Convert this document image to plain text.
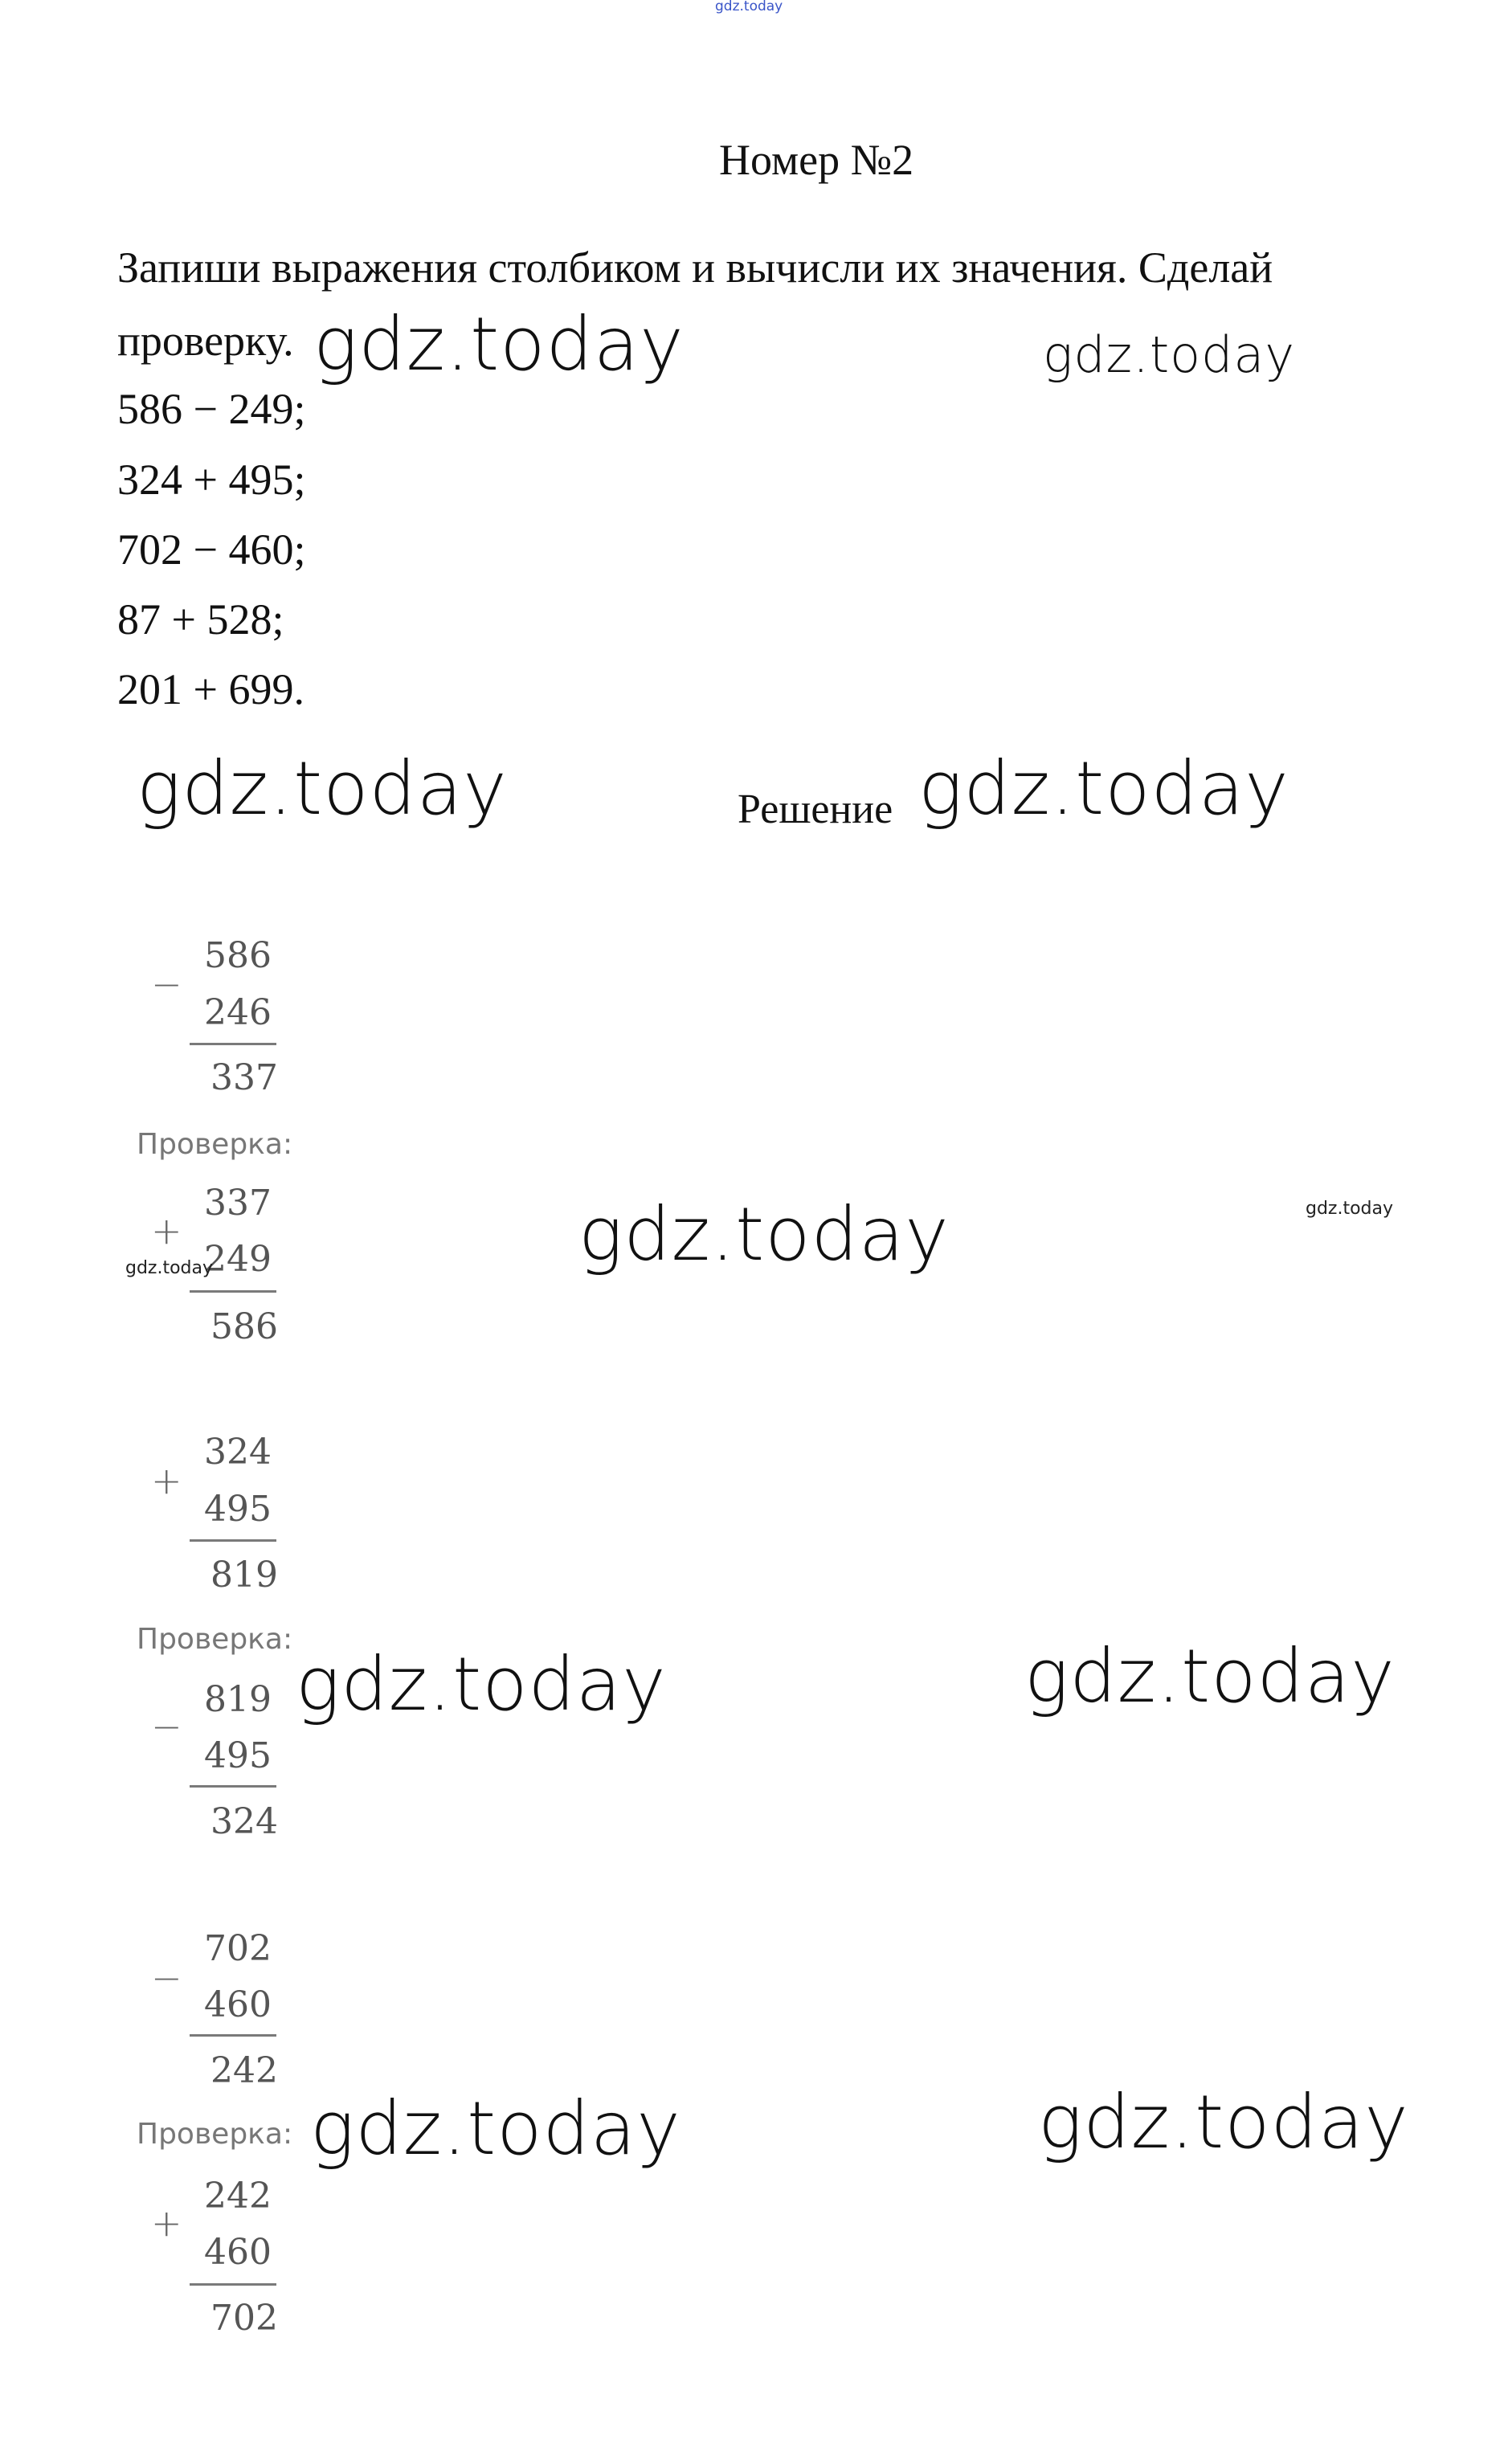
gdz.today
Номер №2
Запиши выражения столбиком и вычисли их значения. Сделай
проверку. gdz.today	gdz.today
586 − 249;
324 + 495;
702 − 460;
87 + 528;
201 + 699.
gdz.today	Решение gdz.today
−
586
246
337
Проверка:
+
337
249
586
gdz.today	gdz.today	gdz.today
+
324
495
819
Проверка:
−
819
495
324
gdz.today	gdz.today
−
702
460
242
Проверка:
+
242
460
702
gdz.today	gdz.today
